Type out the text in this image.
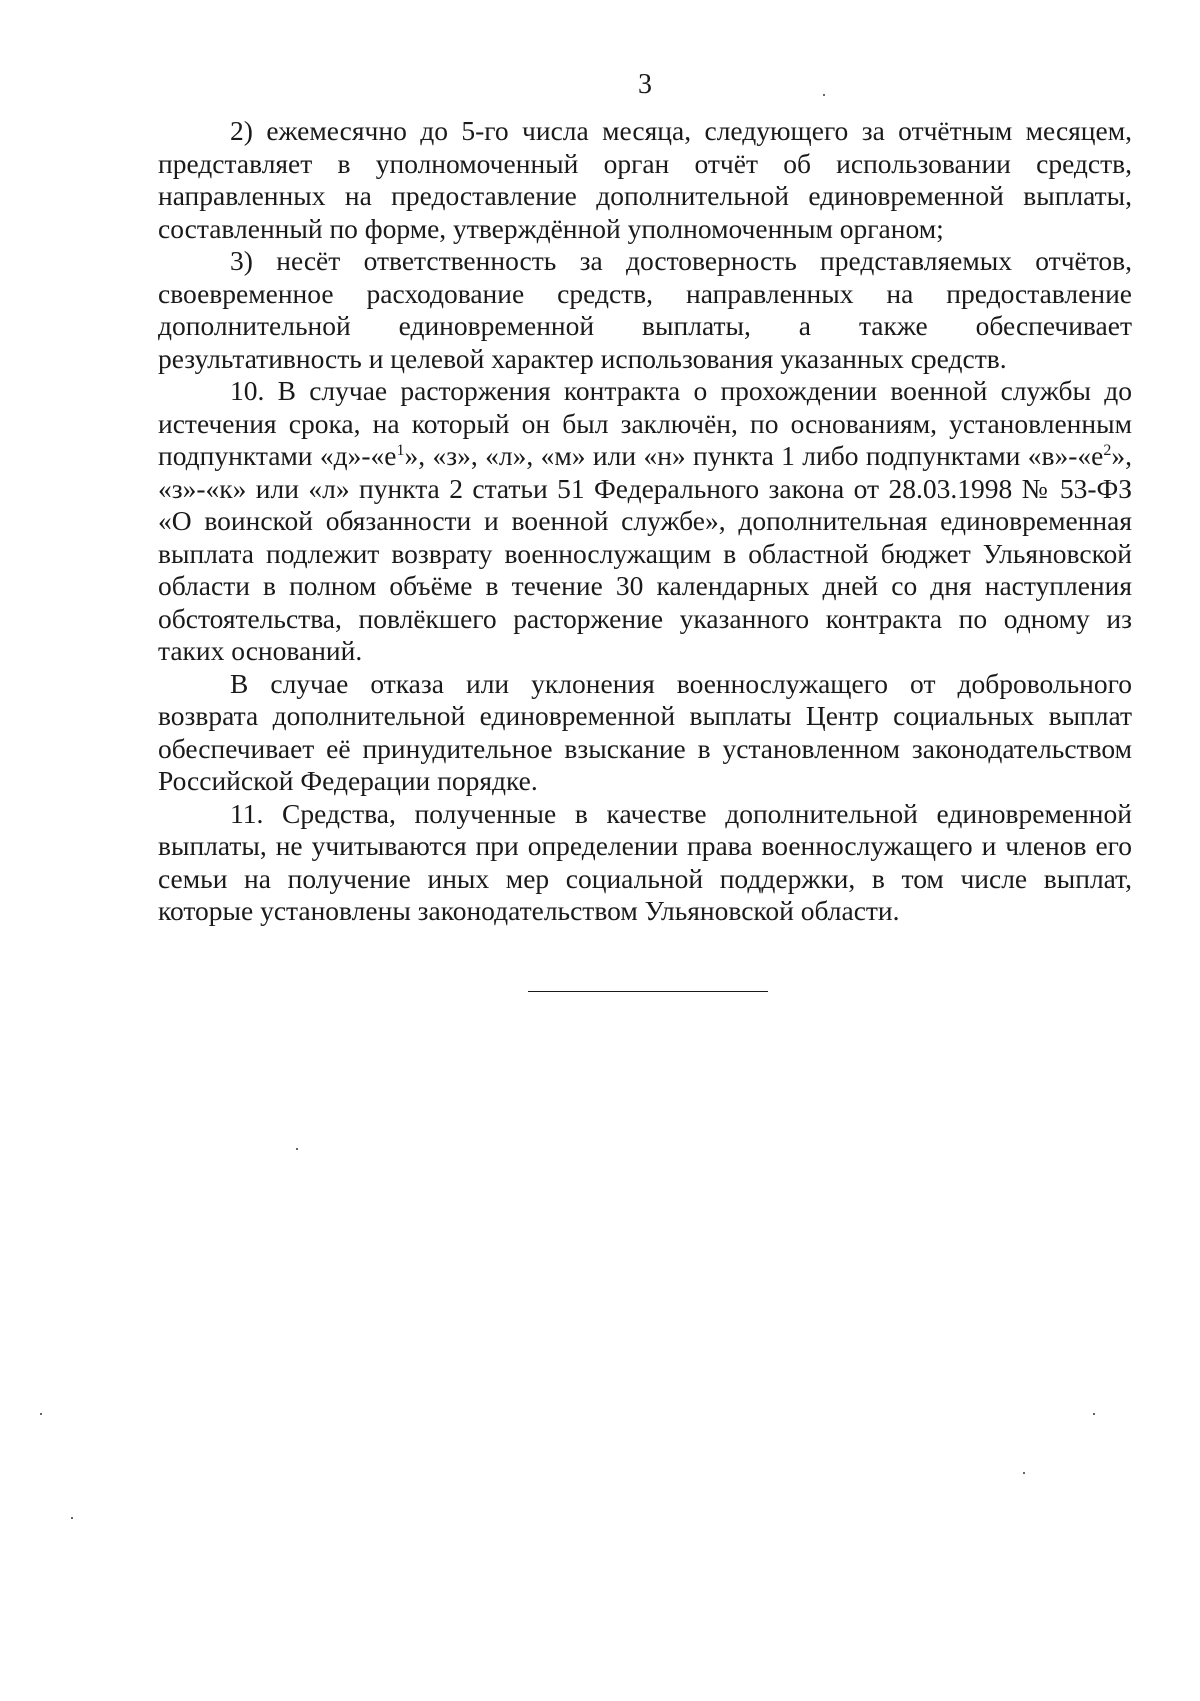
3

2) ежемесячно до 5-го числа месяца, следующего за отчётным месяцем, представляет в уполномоченный орган отчёт об использовании средств, направленных на предоставление дополнительной единовременной выплаты, составленный по форме, утверждённой уполномоченным органом;

3) несёт ответственность за достоверность представляемых отчётов, своевременное расходование средств, направленных на предоставление дополнительной единовременной выплаты, а также обеспечивает результативность и целевой характер использования указанных средств.

10. В случае расторжения контракта о прохождении военной службы до истечения срока, на который он был заключён, по основаниям, установленным подпунктами «$д»-«е^1$», «з», «л», «м» или «н» пункта 1 либо подпунктами «$в»-«е^2$», «з»-«к» или «л» пункта 2 статьи 51 Федерального закона от 28.03.1998 № 53-ФЗ «О воинской обязанности и военной службе», дополнительная единовременная выплата подлежит возврату военнослужащим в областной бюджет Ульяновской области в полном объёме в течение 30 календарных дней со дня наступления обстоятельства, повлёкшего расторжение указанного контракта по одному из таких оснований.

В случае отказа или уклонения военнослужащего от добровольного возврата дополнительной единовременной выплаты Центр социальных выплат обеспечивает её принудительное взыскание в установленном законодательством Российской Федерации порядке.

11. Средства, полученные в качестве дополнительной единовременной выплаты, не учитываются при определении права военнослужащего и членов его семьи на получение иных мер социальной поддержки, в том числе выплат, которые установлены законодательством Ульяновской области.
